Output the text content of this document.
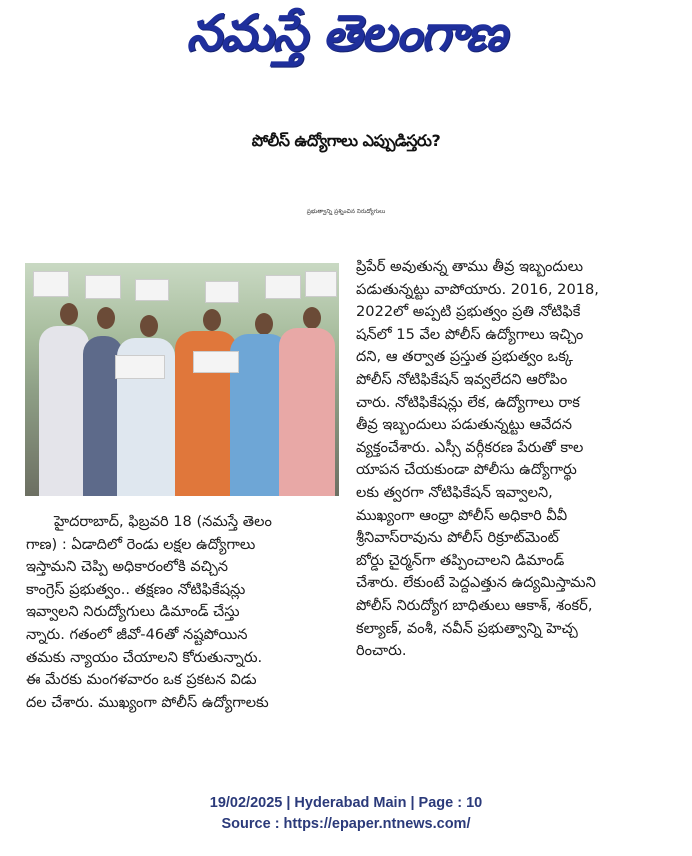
నమస్తే తెలంగాణ
పోలీస్ ఉద్యోగాలు ఎప్పుడిస్తరు?
ప్రభుత్వాన్ని ప్రశ్నించిన నిరుద్యోగులు

హైదరాబాద్, ఫిబ్రవరి 18 (నమస్తే తెలం

గాణ) : ఏడాదిలో రెండు లక్షల ఉద్యోగాలు

ఇస్తామని చెప్పి అధికారంలోకి వచ్చిన

కాంగ్రెస్ ప్రభుత్వం.. తక్షణం నోటిఫికేషన్లు

ఇవ్వాలని నిరుద్యోగులు డిమాండ్ చేస్తు

న్నారు. గతంలో జీవో-46తో నష్టపోయిన

తమకు న్యాయం చేయాలని కోరుతున్నారు.

ఈ మేరకు మంగళవారం ఒక ప్రకటన విడు

దల చేశారు. ముఖ్యంగా పోలీస్ ఉద్యోగాలకు

ప్రిపేర్ అవుతున్న తాము తీవ్ర ఇబ్బందులు

పడుతున్నట్టు వాపోయారు. 2016, 2018,

2022లో అప్పటి ప్రభుత్వం ప్రతి నోటిఫికే

షన్‌లో 15 వేల పోలీస్ ఉద్యోగాలు ఇచ్చిం

దని, ఆ తర్వాత ప్రస్తుత ప్రభుత్వం ఒక్క

పోలీస్ నోటిఫికేషన్ ఇవ్వలేదని ఆరోపిం

చారు. నోటిఫికేషన్లు లేక, ఉద్యోగాలు రాక

తీవ్ర ఇబ్బందులు పడుతున్నట్టు ఆవేదన

వ్యక్తంచేశారు. ఎస్సీ వర్గీకరణ పేరుతో కాల

యాపన చేయకుండా పోలీసు ఉద్యోగార్థు

లకు త్వరగా నోటిఫికేషన్ ఇవ్వాలని,

ముఖ్యంగా ఆంధ్రా పోలీస్ అధికారి వీవీ

శ్రీనివాస్‌రావును పోలీస్ రిక్రూట్‌మెంట్

బోర్డు చైర్మన్‌గా తప్పించాలని డిమాండ్

చేశారు. లేకుంటే పెద్దఎత్తున ఉద్యమిస్తామని

పోలీస్ నిరుద్యోగ బాధితులు ఆకాశ్, శంకర్,

కల్యాణ్, వంశీ, నవీన్ ప్రభుత్వాన్ని హెచ్చ

రించారు.

19/02/2025 | Hyderabad Main | Page : 10
Source : https://epaper.ntnews.com/
